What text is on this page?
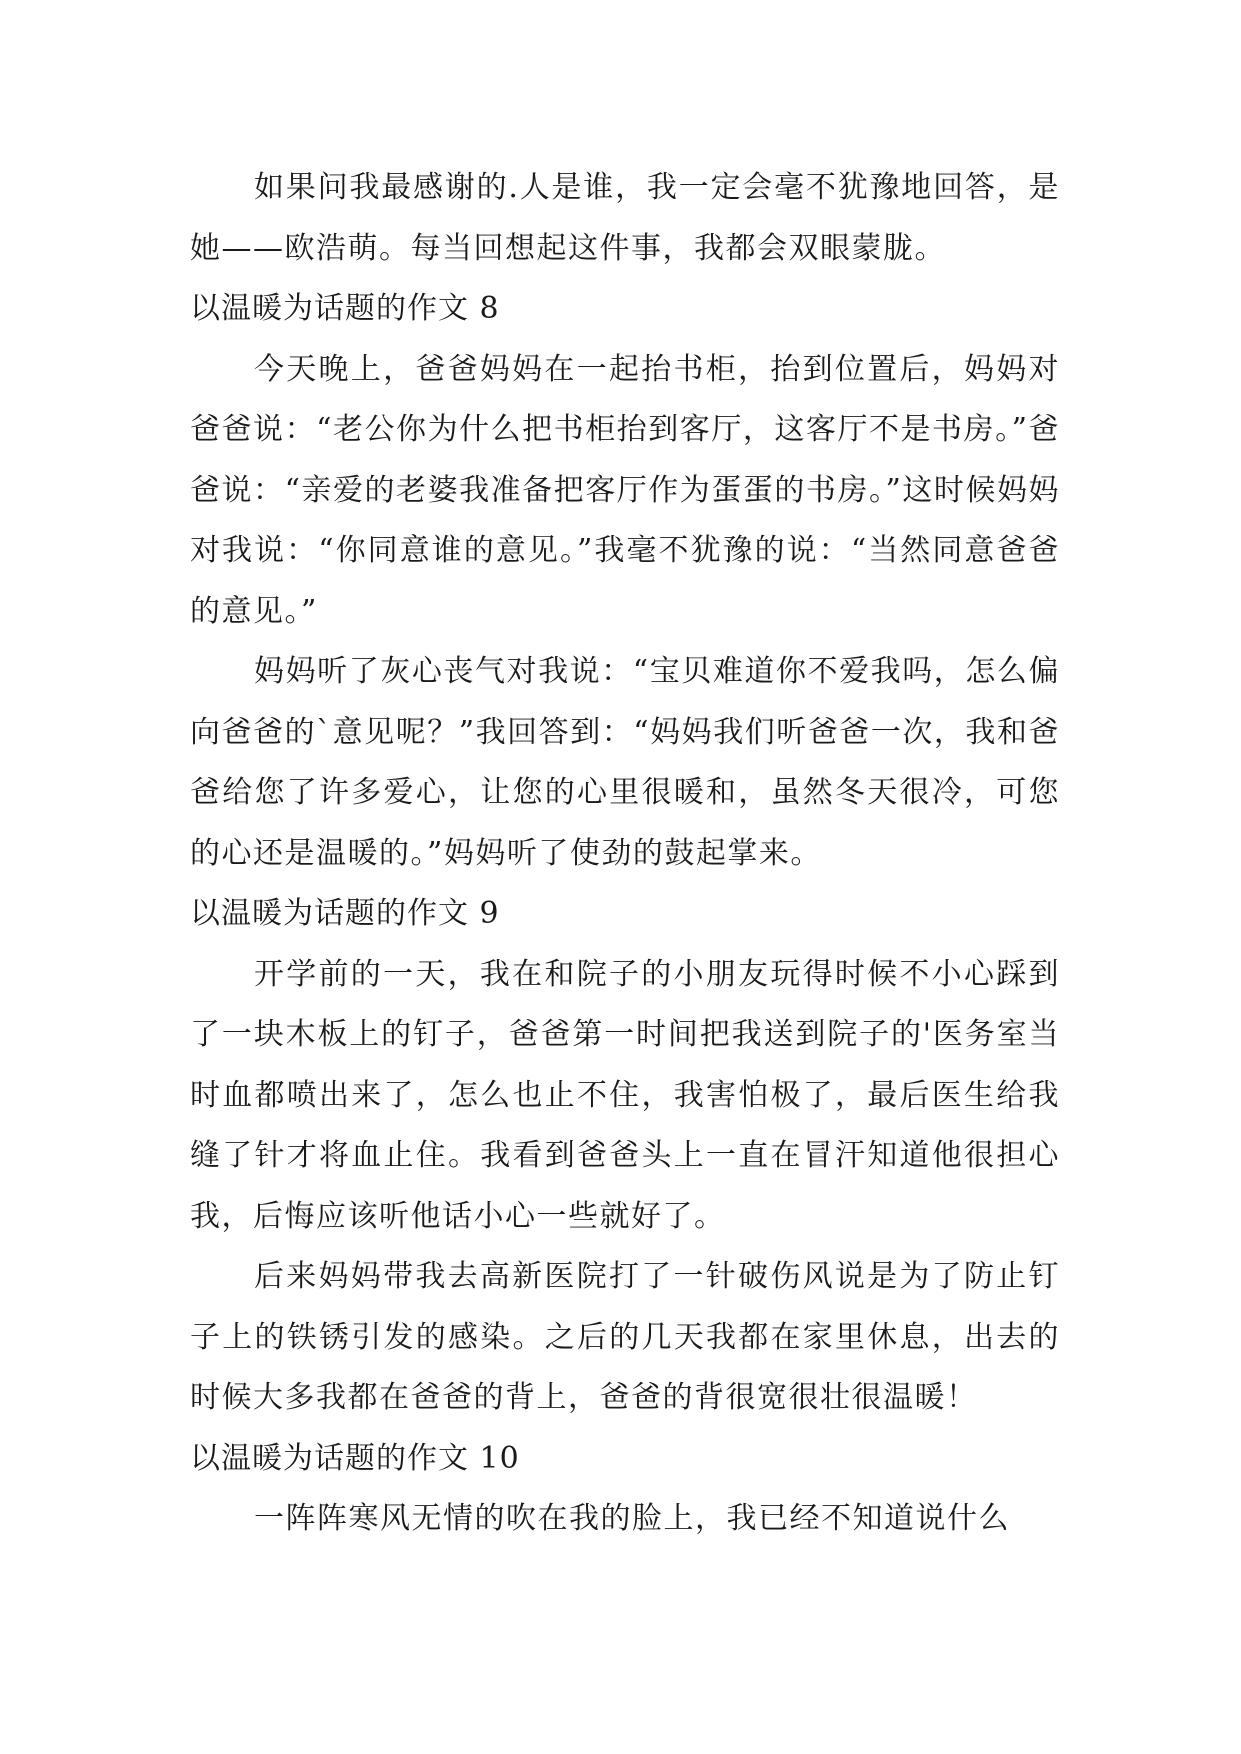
如果问我最感谢的.人是谁，我一定会毫不犹豫地回答，是她——欧浩萌。每当回想起这件事，我都会双眼蒙胧。

以温暖为话题的作文 8

今天晚上，爸爸妈妈在一起抬书柜，抬到位置后，妈妈对爸爸说：“老公你为什么把书柜抬到客厅，这客厅不是书房。”爸爸说：“亲爱的老婆我准备把客厅作为蛋蛋的书房。”这时候妈妈对我说：“你同意谁的意见。”我毫不犹豫的说：“当然同意爸爸的意见。”

妈妈听了灰心丧气对我说：“宝贝难道你不爱我吗，怎么偏向爸爸的`意见呢？”我回答到：“妈妈我们听爸爸一次，我和爸爸给您了许多爱心，让您的心里很暖和，虽然冬天很冷，可您的心还是温暖的。”妈妈听了使劲的鼓起掌来。

以温暖为话题的作文 9

开学前的一天，我在和院子的小朋友玩得时候不小心踩到了一块木板上的钉子，爸爸第一时间把我送到院子的'医务室当时血都喷出来了，怎么也止不住，我害怕极了，最后医生给我缝了针才将血止住。我看到爸爸头上一直在冒汗知道他很担心我，后悔应该听他话小心一些就好了。

后来妈妈带我去高新医院打了一针破伤风说是为了防止钉子上的铁锈引发的感染。之后的几天我都在家里休息，出去的时候大多我都在爸爸的背上，爸爸的背很宽很壮很温暖！

以温暖为话题的作文 10

一阵阵寒风无情的吹在我的脸上，我已经不知道说什么
